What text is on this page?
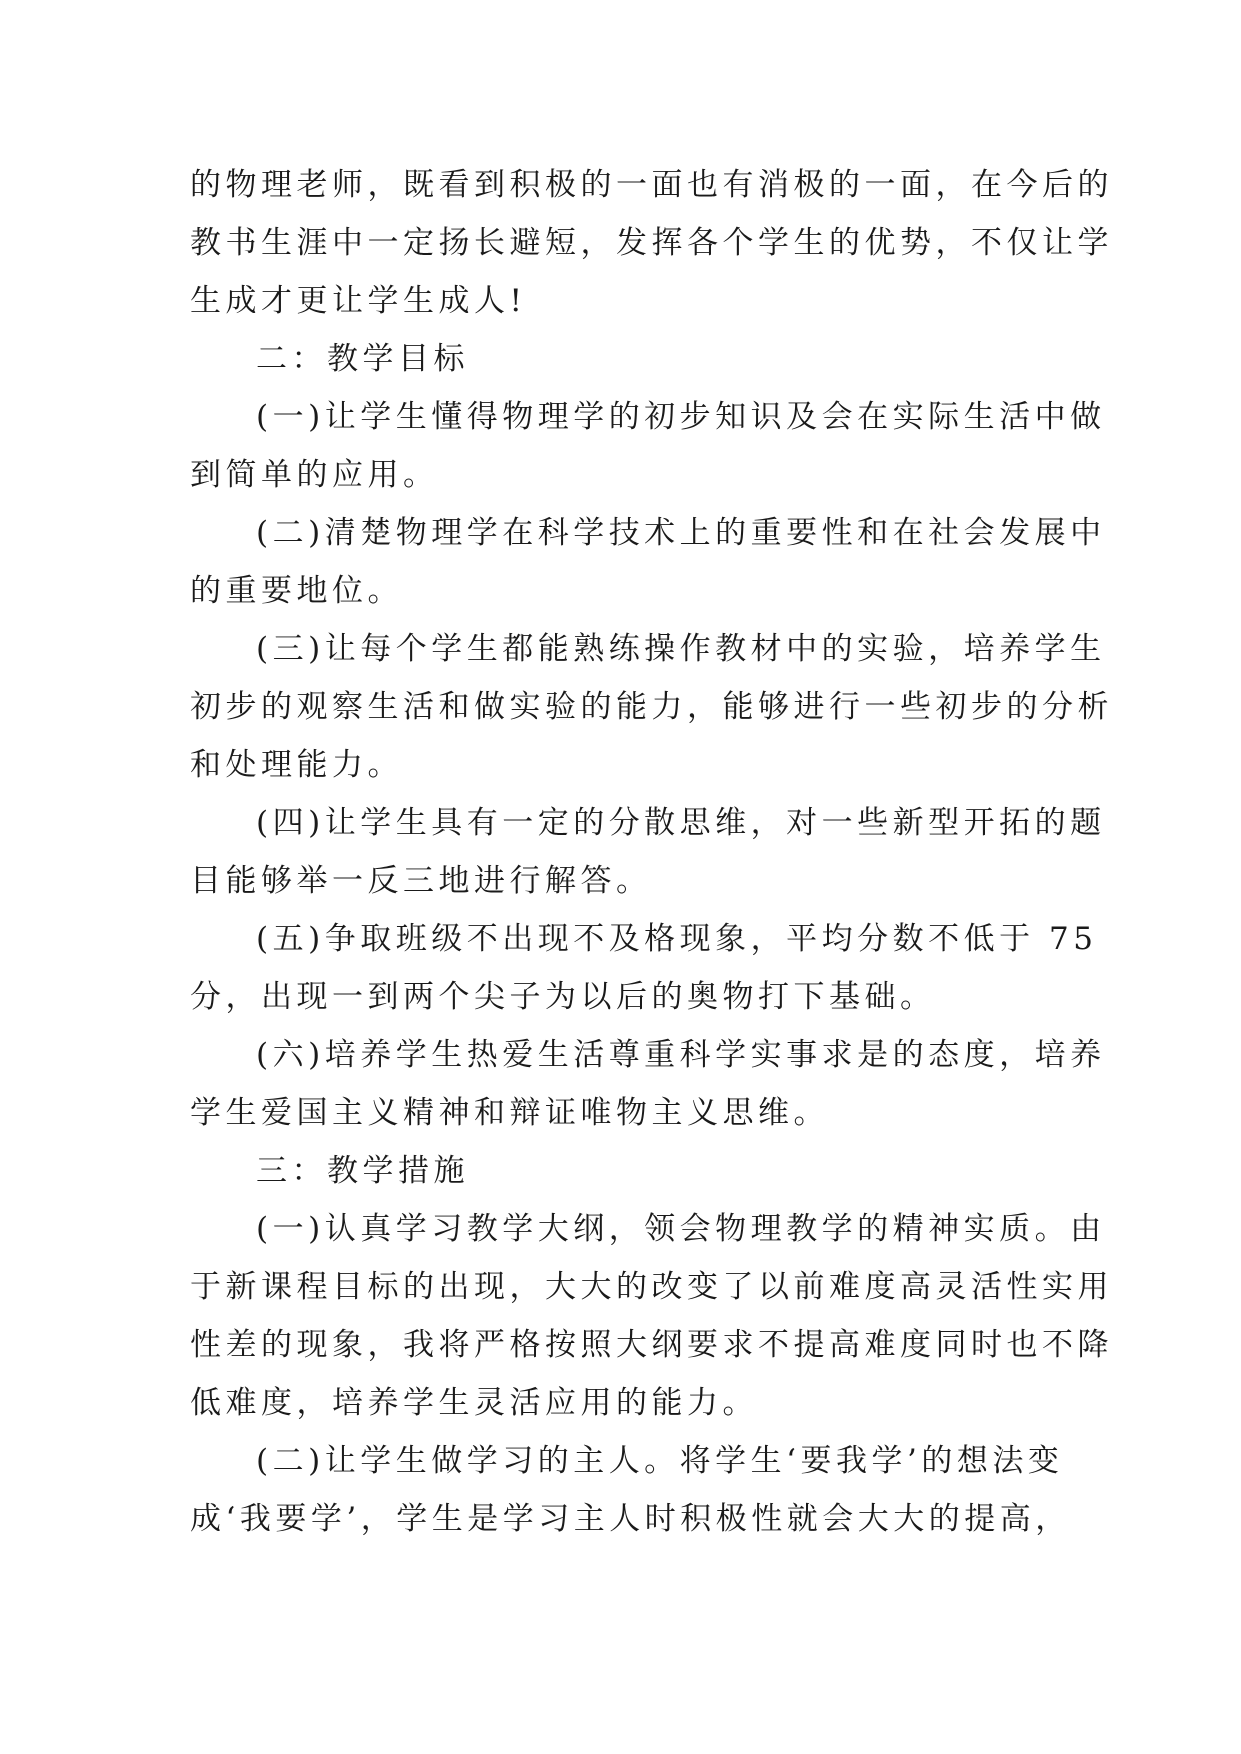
的物理老师，既看到积极的一面也有消极的一面，在今后的
教书生涯中一定扬长避短，发挥各个学生的优势，不仅让学
生成才更让学生成人!
二：教学目标
(一)让学生懂得物理学的初步知识及会在实际生活中做
到简单的应用。
(二)清楚物理学在科学技术上的重要性和在社会发展中
的重要地位。
(三)让每个学生都能熟练操作教材中的实验，培养学生
初步的观察生活和做实验的能力，能够进行一些初步的分析
和处理能力。
(四)让学生具有一定的分散思维，对一些新型开拓的题
目能够举一反三地进行解答。
(五)争取班级不出现不及格现象，平均分数不低于 75
分，出现一到两个尖子为以后的奥物打下基础。
(六)培养学生热爱生活尊重科学实事求是的态度，培养
学生爱国主义精神和辩证唯物主义思维。
三：教学措施
(一)认真学习教学大纲，领会物理教学的精神实质。由
于新课程目标的出现，大大的改变了以前难度高灵活性实用
性差的现象，我将严格按照大纲要求不提高难度同时也不降
低难度，培养学生灵活应用的能力。
(二)让学生做学习的主人。将学生‘要我学’的想法变
成‘我要学’，学生是学习主人时积极性就会大大的提高，
